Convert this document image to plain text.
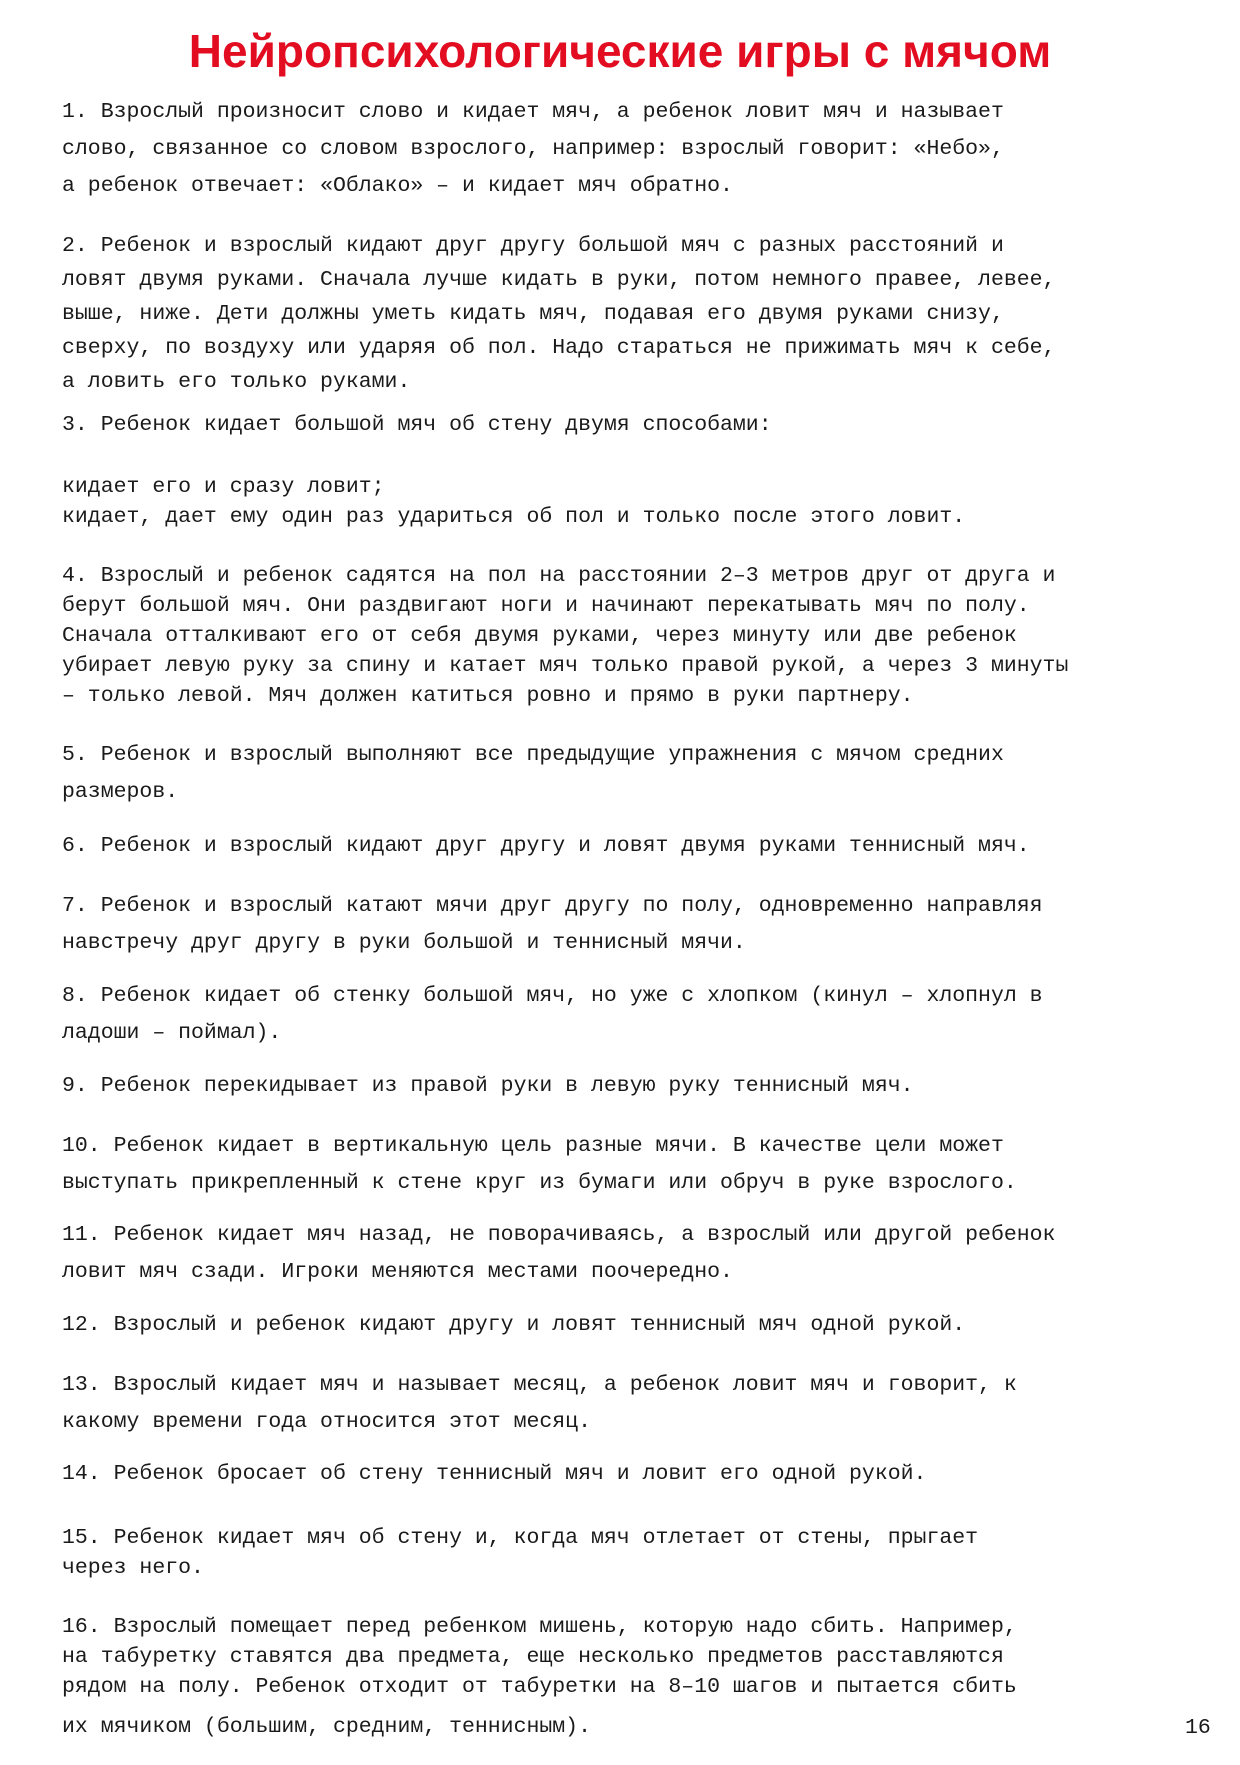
Нейропсихологические игры с мячом

1. Взрослый произносит слово и кидает мяч, а ребенок ловит мяч и называет
слово, связанное со словом взрослого, например: взрослый говорит: «Небо»,
а ребенок отвечает: «Облако» – и кидает мяч обратно.

2. Ребенок и взрослый кидают друг другу большой мяч с разных расстояний и
ловят двумя руками. Сначала лучше кидать в руки, потом немного правее, левее,
выше, ниже. Дети должны уметь кидать мяч, подавая его двумя руками снизу,
сверху, по воздуху или ударяя об пол. Надо стараться не прижимать мяч к себе,
а ловить его только руками.

3. Ребенок кидает большой мяч об стену двумя способами:

кидает его и сразу ловит;
кидает, дает ему один раз удариться об пол и только после этого ловит.

4. Взрослый и ребенок садятся на пол на расстоянии 2–3 метров друг от друга и
берут большой мяч. Они раздвигают ноги и начинают перекатывать мяч по полу.
Сначала отталкивают его от себя двумя руками, через минуту или две ребенок
убирает левую руку за спину и катает мяч только правой рукой, а через 3 минуты
– только левой. Мяч должен катиться ровно и прямо в руки партнеру.

5. Ребенок и взрослый выполняют все предыдущие упражнения с мячом средних
размеров.

6. Ребенок и взрослый кидают друг другу и ловят двумя руками теннисный мяч.

7. Ребенок и взрослый катают мячи друг другу по полу, одновременно направляя
навстречу друг другу в руки большой и теннисный мячи.

8. Ребенок кидает об стенку большой мяч, но уже с хлопком (кинул – хлопнул в
ладоши – поймал).

9. Ребенок перекидывает из правой руки в левую руку теннисный мяч.

10. Ребенок кидает в вертикальную цель разные мячи. В качестве цели может
выступать прикрепленный к стене круг из бумаги или обруч в руке взрослого.

11. Ребенок кидает мяч назад, не поворачиваясь, а взрослый или другой ребенок
ловит мяч сзади. Игроки меняются местами поочередно.

12. Взрослый и ребенок кидают другу и ловят теннисный мяч одной рукой.

13. Взрослый кидает мяч и называет месяц, а ребенок ловит мяч и говорит, к
какому времени года относится этот месяц.

14. Ребенок бросает об стену теннисный мяч и ловит его одной рукой.

15. Ребенок кидает мяч об стену и, когда мяч отлетает от стены, прыгает
через него.

16. Взрослый помещает перед ребенком мишень, которую надо сбить. Например,
на табуретку ставятся два предмета, еще несколько предметов расставляются
рядом на полу. Ребенок отходит от табуретки на 8–10 шагов и пытается сбить
их мячиком (большим, средним, теннисным).	16
